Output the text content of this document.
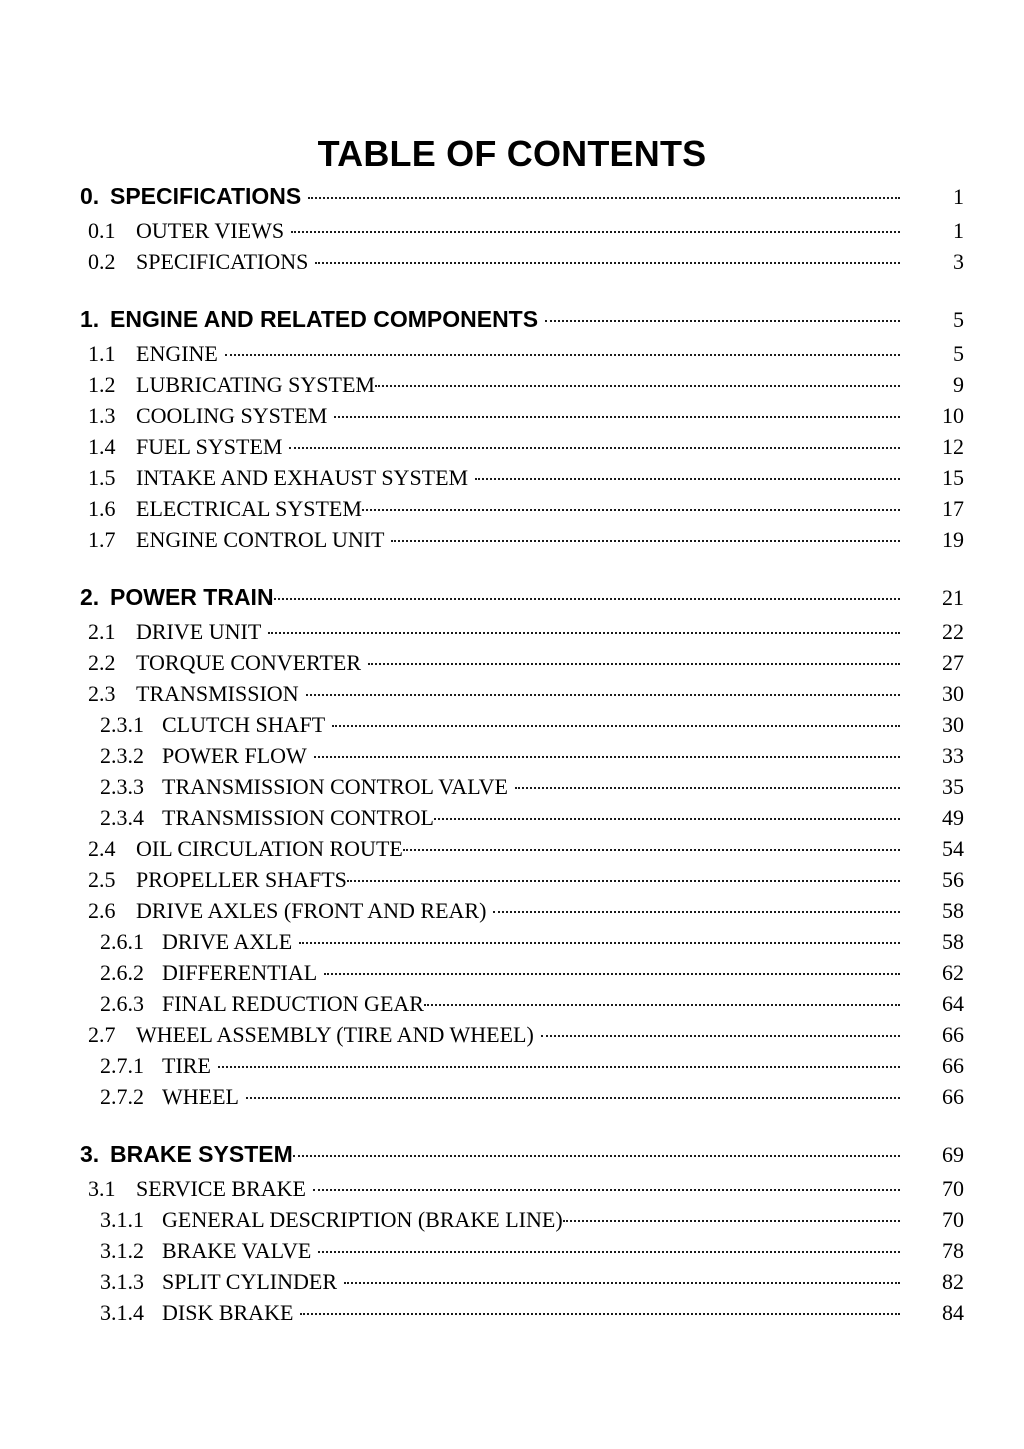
TABLE OF CONTENTS
0. SPECIFICATIONS	1
0.1 OUTER VIEWS	1
0.2 SPECIFICATIONS	3
1. ENGINE AND RELATED COMPONENTS	5
1.1 ENGINE	5
1.2 LUBRICATING SYSTEM	9
1.3 COOLING SYSTEM	10
1.4 FUEL SYSTEM	12
1.5 INTAKE AND EXHAUST SYSTEM	15
1.6 ELECTRICAL SYSTEM	17
1.7 ENGINE CONTROL UNIT	19
2. POWER TRAIN	21
2.1 DRIVE UNIT	22
2.2 TORQUE CONVERTER	27
2.3 TRANSMISSION	30
2.3.1 CLUTCH SHAFT	30
2.3.2 POWER FLOW	33
2.3.3 TRANSMISSION CONTROL VALVE	35
2.3.4 TRANSMISSION CONTROL	49
2.4 OIL CIRCULATION ROUTE	54
2.5 PROPELLER SHAFTS	56
2.6 DRIVE AXLES (FRONT AND REAR)	58
2.6.1 DRIVE AXLE	58
2.6.2 DIFFERENTIAL	62
2.6.3 FINAL REDUCTION GEAR	64
2.7 WHEEL ASSEMBLY (TIRE AND WHEEL)	66
2.7.1 TIRE	66
2.7.2 WHEEL	66
3. BRAKE SYSTEM	69
3.1 SERVICE BRAKE	70
3.1.1 GENERAL DESCRIPTION (BRAKE LINE)	70
3.1.2 BRAKE VALVE	78
3.1.3 SPLIT CYLINDER	82
3.1.4 DISK BRAKE	84
